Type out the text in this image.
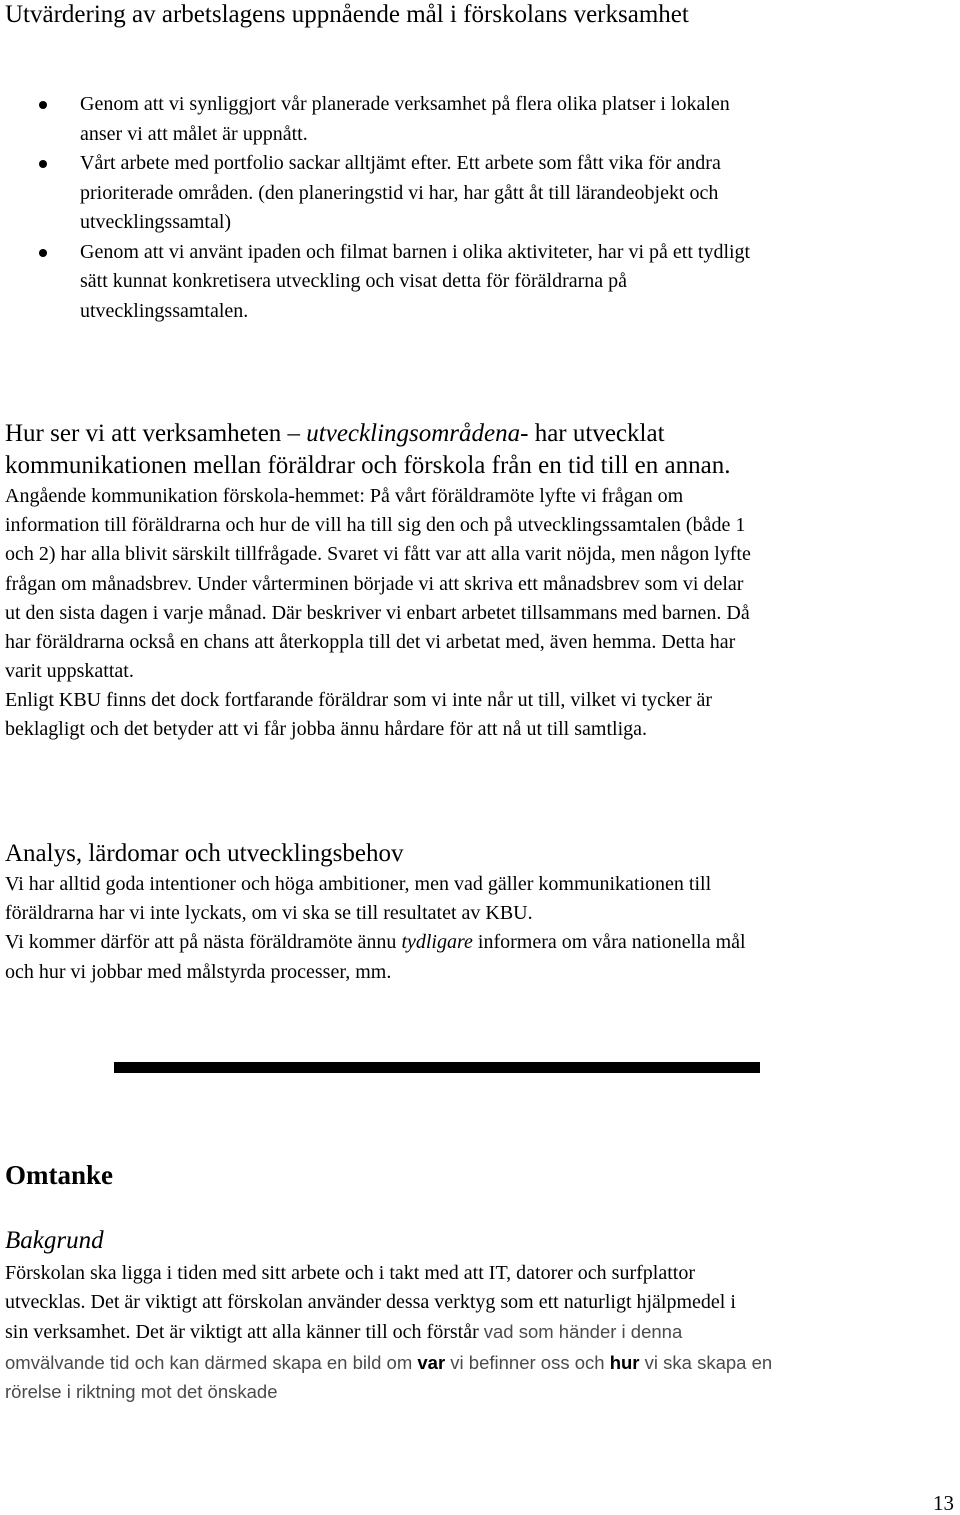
Utvärdering av arbetslagens uppnående mål i förskolans verksamhet
Genom att vi synliggjort vår planerade verksamhet på flera olika platser i lokalen
anser vi att målet är uppnått.
Vårt arbete med portfolio sackar alltjämt efter. Ett arbete som fått vika för andra
prioriterade områden. (den planeringstid vi har, har gått åt till lärandeobjekt och
utvecklingssamtal)
Genom att vi använt ipaden och filmat barnen i olika aktiviteter, har vi på ett tydligt
sätt kunnat konkretisera utveckling och visat detta för föräldrarna på
utvecklingssamtalen.
Hur ser vi att verksamheten – utvecklingsområdena- har utvecklat
kommunikationen mellan föräldrar och förskola från en tid till en annan.

Angående kommunikation förskola-hemmet: På vårt föräldramöte lyfte vi frågan om
information till föräldrarna och hur de vill ha till sig den och på utvecklingssamtalen (både 1
och 2) har alla blivit särskilt tillfrågade. Svaret vi fått var att alla varit nöjda, men någon lyfte
frågan om månadsbrev. Under vårterminen började vi att skriva ett månadsbrev som vi delar
ut den sista dagen i varje månad. Där beskriver vi enbart arbetet tillsammans med barnen. Då
har föräldrarna också en chans att återkoppla till det vi arbetat med, även hemma. Detta har
varit uppskattat.

Enligt KBU finns det dock fortfarande föräldrar som vi inte når ut till, vilket vi tycker är
beklagligt och det betyder att vi får jobba ännu hårdare för att nå ut till samtliga.

Analys, lärdomar och utvecklingsbehov

Vi har alltid goda intentioner och höga ambitioner, men vad gäller kommunikationen till
föräldrarna har vi inte lyckats, om vi ska se till resultatet av KBU.
Vi kommer därför att på nästa föräldramöte ännu tydligare informera om våra nationella mål
och hur vi jobbar med målstyrda processer, mm.

Omtanke
Bakgrund

Förskolan ska ligga i tiden med sitt arbete och i takt med att IT, datorer och surfplattor
utvecklas. Det är viktigt att förskolan använder dessa verktyg som ett naturligt hjälpmedel i
sin verksamhet. Det är viktigt att alla känner till och förstår vad som händer i denna
omvälvande tid och kan därmed skapa en bild om var vi befinner oss och hur vi ska skapa en
rörelse i riktning mot det önskade

13
